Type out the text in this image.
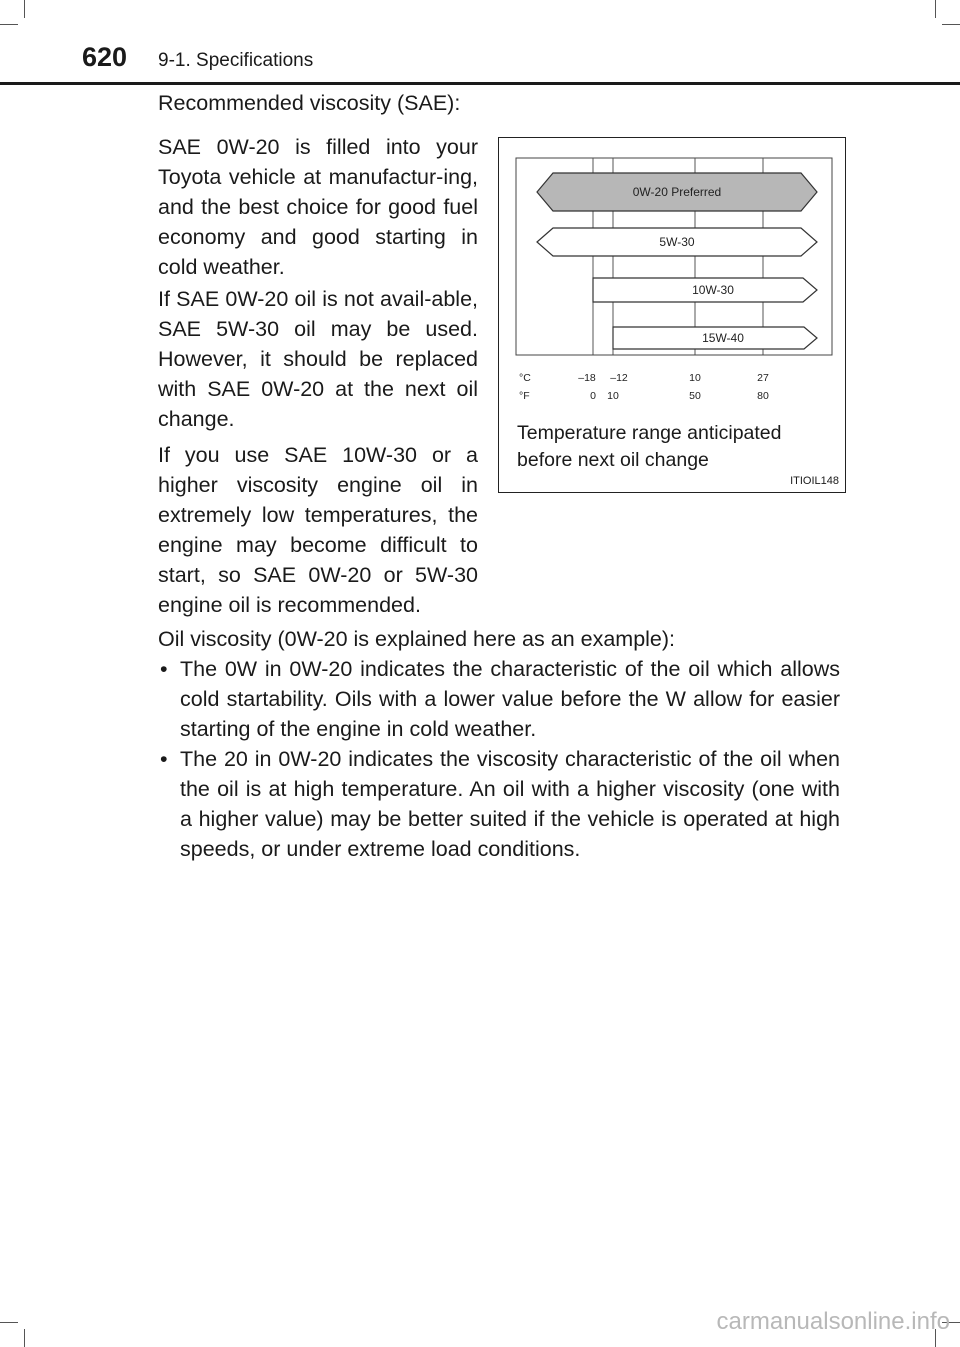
620 9-1. Specifications
Recommended viscosity (SAE):

SAE 0W-20 is filled into your Toyota vehicle at manufactur-ing, and the best choice for good fuel economy and good starting in cold weather.

If SAE 0W-20 oil is not avail-able, SAE 5W-30 oil may be used. However, it should be replaced with SAE 0W-20 at the next oil change.

If you use SAE 10W-30 or a higher viscosity engine oil in extremely low temperatures, the engine may become difficult to start, so SAE 0W-20 or 5W-30 engine oil is recommended.

0W-20 Preferred
5W-30
10W-30
15W-40
°C
°F
–18 –12	10	27
0 10	50	80
Temperature range anticipated
before next oil change
ITIOIL148
Oil viscosity (0W-20 is explained here as an example):
• The 0W in 0W-20 indicates the characteristic of the oil which allows cold startability. Oils with a lower value before the W allow for easier starting of the engine in cold weather.
• The 20 in 0W-20 indicates the viscosity characteristic of the oil when the oil is at high temperature. An oil with a higher viscosity (one with a higher value) may be better suited if the vehicle is operated at high speeds, or under extreme load conditions.
carmanualsonline.info
